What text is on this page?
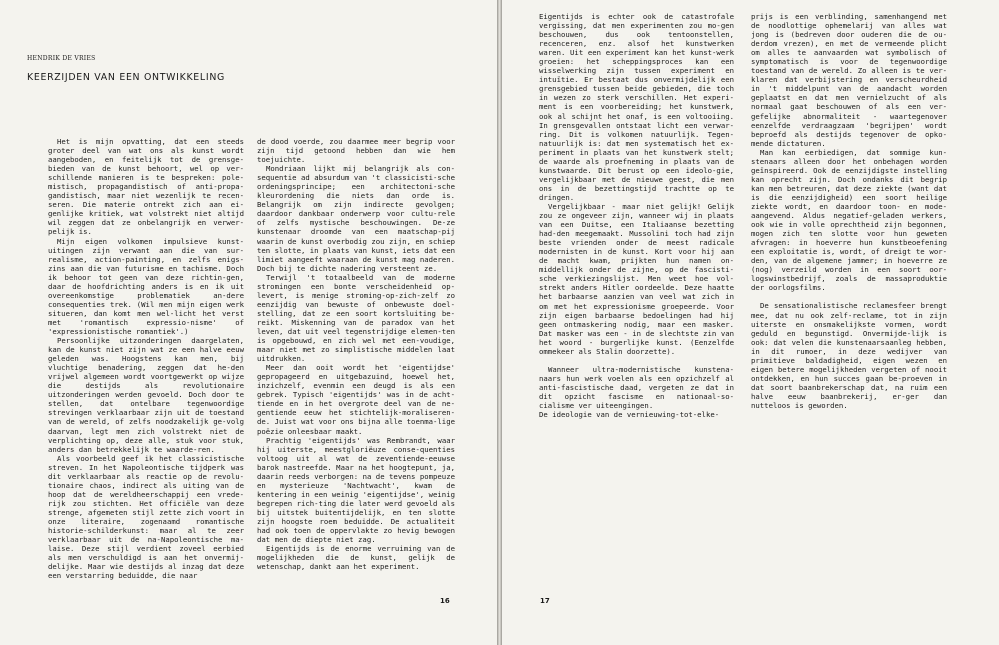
HENDRIK DE VRIES
KEERZIJDEN VAN EEN ONTWIKKELING

Het is mijn opvatting, dat een steeds groter deel van wat ons als kunst wordt aangeboden, en feitelijk tot de grensge-bieden van de kunst behoort, wel op ver-schillende manieren is te bespreken: pole-mistisch, propagandistisch of anti-propa-gandistisch, maar niet wezenlijk te recen-seren. Die materie ontrekt zich aan ei-genlijke kritiek, wat volstrekt niet altijd wil zeggen dat ze onbelangrijk en verwer-pelijk is.

Mijn eigen volkomen impulsieve kunst-uitingen zijn verwant aan die van sur-realisme, action-painting, en zelfs enigs-zins aan die van futurisme en tachisme. Doch ik behoor tot geen van deze richtin-gen, daar de hoofdrichting anders is en ik uit overeenkomstige problematiek an-dere consequenties trek. (Wil men mijn eigen werk situeren, dan komt men wel-licht het verst met 'romantisch expressio-nisme' of 'expressionistische romantiek'.)

Persoonlijke uitzonderingen daargelaten, kan de kunst niet zijn wat ze een halve eeuw geleden was. Hoogstens kan men, bij vluchtige benadering, zeggen dat he-den vrijwel algemeen wordt voortgewerkt op wijze die destijds als revolutionaire uitzonderingen werden gevoeld. Doch door te stellen, dat ontelbare tegenwoordige strevingen verklaarbaar zijn uit de toestand van de wereld, of zelfs noodzakelijk ge-volg daarvan, legt men zich volstrekt niet de verplichting op, deze alle, stuk voor stuk, anders dan betrekkelijk te waarde-ren.

Als voorbeeld geef ik het classicistische streven. In het Napoleontische tijdperk was dit verklaarbaar als reactie op de revolu-tionaire chaos, indirect als uiting van de hoop dat de wereldheerschappij een vrede-rijk zou stichten. Het officiële van deze strenge, afgemeten stijl zette zich voort in onze literaire, zogenaamd romantische historie-schilderkunst: maar al te zeer verklaarbaar uit de na-Napoleontische ma-laise. Deze stijl verdient zoveel eerbied als men verschuldigd is aan het onvermij-delijke. Maar wie destijds al inzag dat deze een verstarring beduidde, die naar

de dood voerde, zou daarmee meer begrip voor zijn tijd getoond hebben dan wie hem toejuichte.

Mondriaan lijkt mij belangrijk als con-sequentie ad absurdum van 't classicisti-sche ordeningsprincipe; een architectoni-sche kleurordening die niets dan orde is. Belangrijk om zijn indirecte gevolgen; daardoor dankbaar onderwerp voor cultu-rele of zelfs mystische beschouwingen. De-ze kunstenaar droomde van een maatschap-pij waarin de kunst overbodig zou zijn, en schiep ten slotte, in plaats van kunst, iets dat een limiet aangeeft waaraan de kunst mag naderen. Doch bij te dichte nadering versteent ze.

Terwijl 't totaalbeeld van de moderne stromingen een bonte verscheidenheid op-levert, is menige stroming-op-zich-zelf zo eenzijdig van bewuste of onbewuste doel-stelling, dat ze een soort kortsluiting be-reikt. Miskenning van de paradox van het leven, dat uit veel tegenstrijdige elemen-ten is opgebouwd, en zich wel met een-voudige, maar niet met zo simplistische middelen laat uitdrukken.

Meer dan ooit wordt het 'eigentijdse' gepropageerd en uitgebazuind, hoewel het, inzichzelf, evenmin een deugd is als een gebrek. Typisch 'eigentijds' was in de acht-tiende en in het overgrote deel van de ne-gentiende eeuw het stichtelijk-moraliseren-de. Juist wat voor ons bijna alle toenma-lige poëzie onleesbaar maakt.

Prachtig 'eigentijds' was Rembrandt, waar hij uiterste, meestgloriëuze conse-quenties voltoog uit al wat de zeventiende-eeuwse barok nastreefde. Maar na het hoogtepunt, ja, daarin reeds verborgen: na de tevens pompeuze en mysterieuze 'Nachtwacht', kwam de kentering in een weinig 'eigentijdse', weinig begrepen rich-ting die later werd gevoeld als bij uitstek buitentijdelijk, en ten slotte zijn hoogste roem beduidde. De actualiteit had ook toen de oppervlakte zo hevig bewogen dat men de diepte niet zag.

Eigentijds is de enorme verruiming van de mogelijkheden die de kunst, gelijk de wetenschap, dankt aan het experiment.

16

Eigentijds is echter ook de catastrofale vergissing, dat men experimenten zou mo-gen beschouwen, dus ook tentoonstellen, recenceren, enz. alsof het kunstwerken waren. Uit een experiment kan het kunst-werk groeien: het scheppingsproces kan een wisselwerking zijn tussen experiment en intuïtie. Er bestaat dus onvermijdelijk een grensgebied tussen beide gebieden, die toch in wezen zo sterk verschillen. Het experi-ment is een voorbereiding; het kunstwerk, ook al schijnt het onaf, is een voltooiing. In grensgevallen ontstaat licht een verwar-ring. Dit is volkomen natuurlijk. Tegen-natuurlijk is: dat men systematisch het ex-periment in plaats van het kunstwerk stelt; de waarde als proefneming in plaats van de kunstwaarde. Dit berust op een ideolo-gie, vergelijkbaar met de nieuwe geest, die men ons in de bezettingstijd trachtte op te dringen.

Vergelijkbaar - maar niet gelijk! Gelijk zou ze ongeveer zijn, wanneer wij in plaats van een Duitse, een Italiaanse bezetting had-den meegemaakt. Mussolini toch had zijn beste vrienden onder de meest radicale modernisten in de kunst. Kort voor hij aan de macht kwam, prijkten hun namen on-middellijk onder de zijne, op de fascisti-sche verkiezingslijst. Men weet hoe vol-strekt anders Hitler oordeelde. Deze haatte het barbaarse aanzien van veel wat zich in om met het expressionisme groepeerde. Voor zijn eigen barbaarse bedoelingen had hij geen ontmaskering nodig, maar een masker. Dat masker was een - in de slechtste zin van het woord - burgerlijke kunst. (Eenzelfde ommekeer als Stalin doorzette).

Wanneer ultra-modernistische kunstena-naars hun werk voelen als een opzichzelf al anti-fascistische daad, vergeten ze dat in dit opzicht fascisme en nationaal-so-cialisme ver uiteengingen.

De ideologie van de vernieuwing-tot-elke-

prijs is een verblinding, samenhangend met de noodlottige ophemelarij van alles wat jong is (bedreven door ouderen die de ou-derdom vrezen), en met de vermeende plicht om alles te aanvaarden wat symbolisch of symptomatisch is voor de tegenwoordige toestand van de wereld. Zo alleen is te ver-klaren dat verbijstering en verscheurdheid in 't middelpunt van de aandacht worden geplaatst en dat men vernielzucht of als normaal gaat beschouwen of als een ver-gefelijke abnormaliteit - waartegenover eenzelfde verdraagzaam 'begrijpen' wordt beproefd als destijds tegenover de opko-mende dictaturen.

Man kan eerbiedigen, dat sommige kun-stenaars alleen door het onbehagen worden geïnspireerd. Ook de eenzijdigste instelling kan oprecht zijn. Doch ondanks dit begrip kan men betreuren, dat deze ziekte (want dat is die eenzijdigheid) een soort heilige ziekte wordt, en daardoor toon- en mode-aangevend. Aldus negatief-geladen werkers, ook wie in volle oprechtheid zijn begonnen, mogen zich ten slotte voor hun geweten afvragen: in hoeverre hun kunstbeoefening een exploitatie is, wordt, of dreigt te wor-den, van de algemene jammer; in hoeverre ze (nog) verzeild worden in een soort oor-logswinstbedrijf, zoals de massaproduktie der oorlogsfilms.

De sensationalistische reclamesfeer brengt mee, dat nu ook zelf-reclame, tot in zijn uiterste en onsmakelijkste vormen, wordt geduld en begunstigd. Onvermijde-lijk is ook: dat velen die kunstenaarsaanleg hebben, in dit rumoer, in deze wedijver van primitieve baldadigheid, eigen wezen en eigen betere mogelijkheden vergeten of nooit ontdekken, en hun succes gaan be-proeven in dat soort baanbrekerschap dat, na ruim een halve eeuw baanbrekerij, er-ger dan nutteloos is geworden.

17
